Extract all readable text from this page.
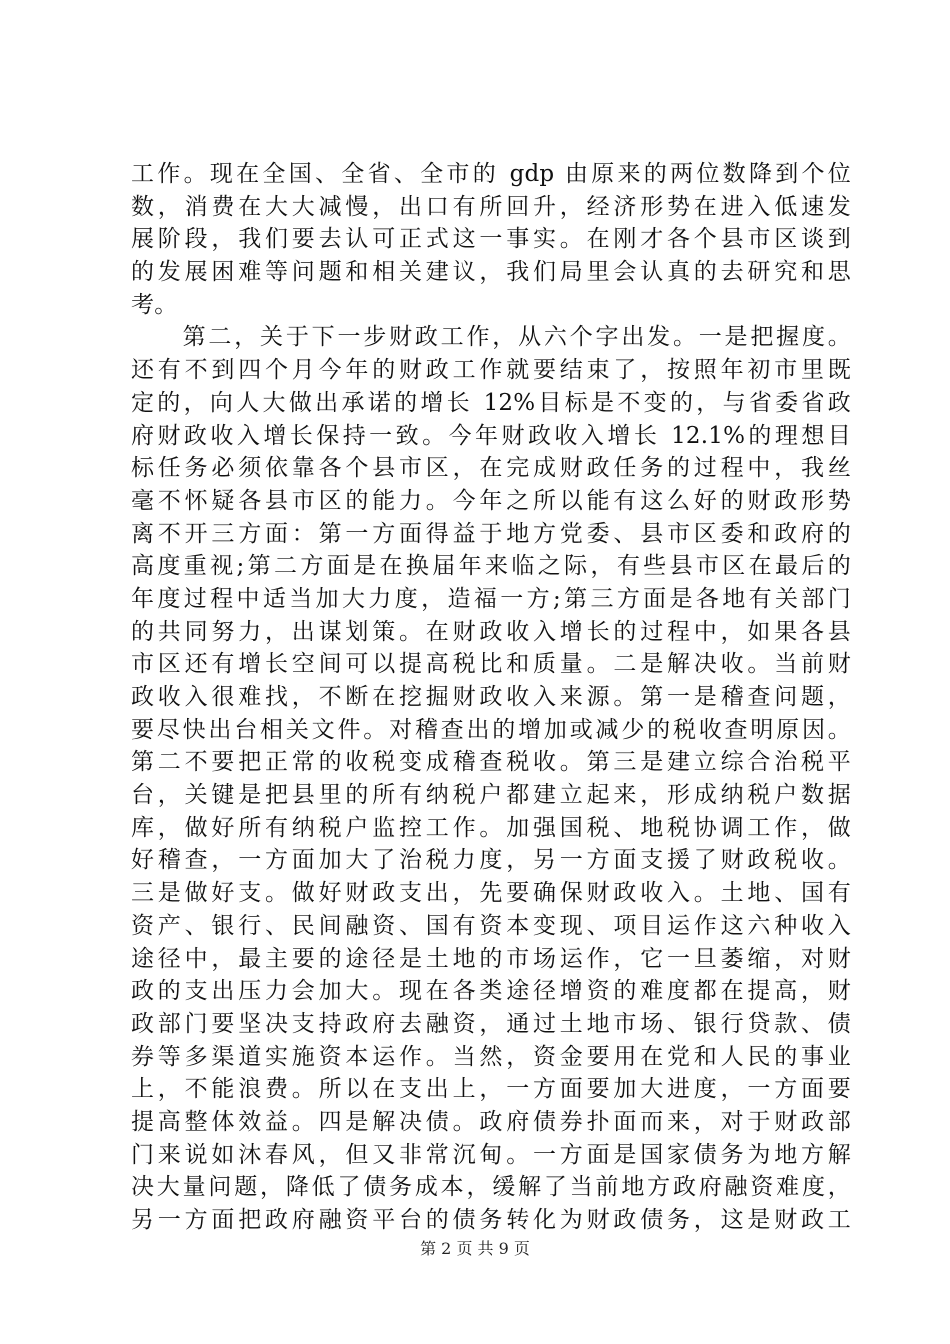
工作。现在全国、全省、全市的 gdp 由原来的两位数降到个位
数，消费在大大减慢，出口有所回升，经济形势在进入低速发
展阶段，我们要去认可正式这一事实。在刚才各个县市区谈到
的发展困难等问题和相关建议，我们局里会认真的去研究和思
考。
　　第二，关于下一步财政工作，从六个字出发。一是把握度。
还有不到四个月今年的财政工作就要结束了，按照年初市里既
定的，向人大做出承诺的增长 12%目标是不变的，与省委省政
府财政收入增长保持一致。今年财政收入增长 12.1%的理想目
标任务必须依靠各个县市区，在完成财政任务的过程中，我丝
毫不怀疑各县市区的能力。今年之所以能有这么好的财政形势
离不开三方面：第一方面得益于地方党委、县市区委和政府的
高度重视;第二方面是在换届年来临之际，有些县市区在最后的
年度过程中适当加大力度，造福一方;第三方面是各地有关部门
的共同努力，出谋划策。在财政收入增长的过程中，如果各县
市区还有增长空间可以提高税比和质量。二是解决收。当前财
政收入很难找，不断在挖掘财政收入来源。第一是稽查问题，
要尽快出台相关文件。对稽查出的增加或减少的税收查明原因。
第二不要把正常的收税变成稽查税收。第三是建立综合治税平
台，关键是把县里的所有纳税户都建立起来，形成纳税户数据
库，做好所有纳税户监控工作。加强国税、地税协调工作，做
好稽查，一方面加大了治税力度，另一方面支援了财政税收。
三是做好支。做好财政支出，先要确保财政收入。土地、国有
资产、银行、民间融资、国有资本变现、项目运作这六种收入
途径中，最主要的途径是土地的市场运作，它一旦萎缩，对财
政的支出压力会加大。现在各类途径增资的难度都在提高，财
政部门要坚决支持政府去融资，通过土地市场、银行贷款、债
券等多渠道实施资本运作。当然，资金要用在党和人民的事业
上，不能浪费。所以在支出上，一方面要加大进度，一方面要
提高整体效益。四是解决债。政府债券扑面而来，对于财政部
门来说如沐春风，但又非常沉甸。一方面是国家债务为地方解
决大量问题，降低了债务成本，缓解了当前地方政府融资难度，
另一方面把政府融资平台的债务转化为财政债务，这是财政工
第 2 页 共 9 页
